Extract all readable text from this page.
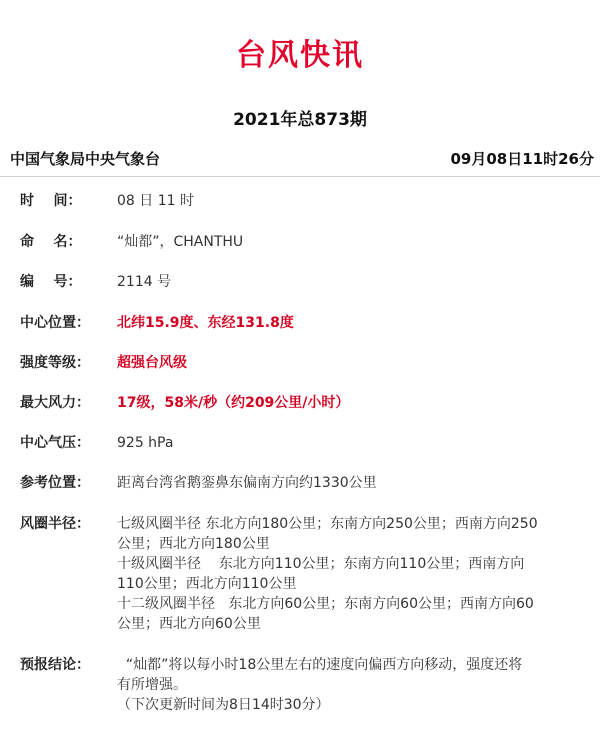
台风快讯
2021年总873期
中国气象局中央气象台	09月08日11时26分
时    间：	08 日 11 时
命    名：	“灿都”，CHANTHU
编    号：	2114 号
中心位置：	北纬15.9度、东经131.8度
强度等级：	超强台风级
最大风力：	17级，58米/秒（约209公里/小时）
中心气压：	925 hPa
参考位置：	距离台湾省鹅銮鼻东偏南方向约1330公里
风圈半径：	七级风圈半径 东北方向180公里；东南方向250公里；西南方向250
公里；西北方向180公里
十级风圈半径    东北方向110公里；东南方向110公里；西南方向
110公里；西北方向110公里
十二级风圈半径   东北方向60公里；东南方向60公里；西南方向60
公里；西北方向60公里
预报结论：	“灿都”将以每小时18公里左右的速度向偏西方向移动，强度还将
有所增强。
（下次更新时间为8日14时30分）
